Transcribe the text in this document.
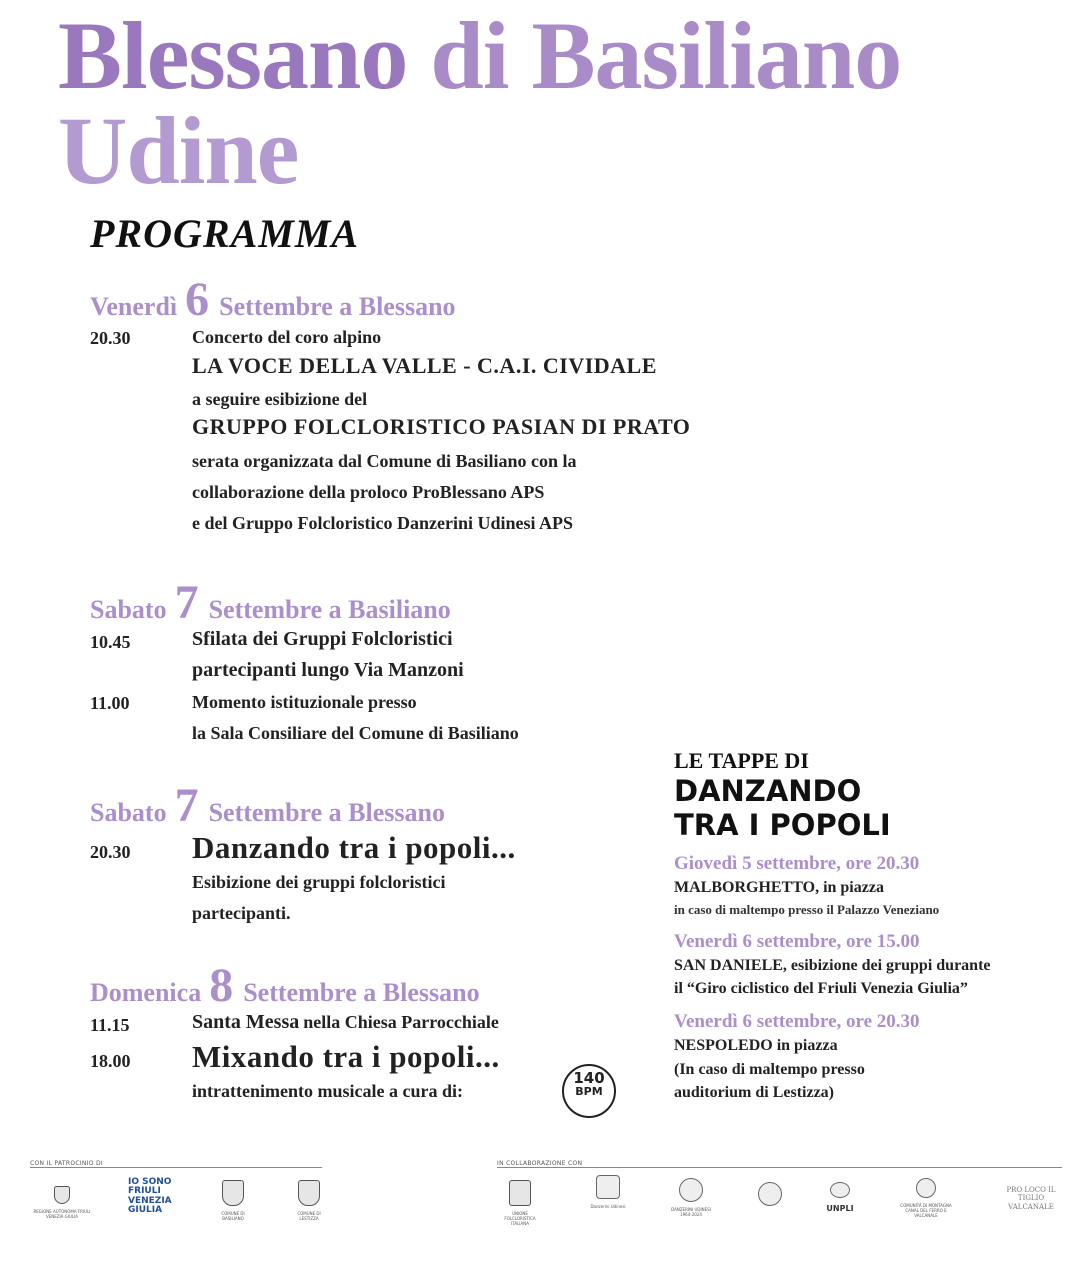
Blessano di Basiliano
Udine
PROGRAMMA
Venerdì 6 Settembre a Blessano
20.30	Concerto del coro alpino
LA VOCE DELLA VALLE - C.A.I. CIVIDALE
a seguire esibizione del
GRUPPO FOLCLORISTICO PASIAN DI PRATO
serata organizzata dal Comune di Basiliano con la
collaborazione della proloco ProBlessano APS
e del Gruppo Folcloristico Danzerini Udinesi APS
Sabato 7 Settembre a Basiliano
10.45	Sfilata dei Gruppi Folcloristici
partecipanti lungo Via Manzoni
11.00	Momento istituzionale presso
la Sala Consiliare del Comune di Basiliano
Sabato 7 Settembre a Blessano
20.30 Danzando tra i popoli...
Esibizione dei gruppi folcloristici
partecipanti.
Domenica 8 Settembre a Blessano
11.15	Santa Messa nella Chiesa Parrocchiale
18.00 Mixando tra i popoli...
intrattenimento musicale a cura di:
140
BPM
LE TAPPE DI
DANZANDO
TRA I POPOLI
Giovedì 5 settembre, ore 20.30
MALBORGHETTO, in piazza
in caso di maltempo presso il Palazzo Veneziano
Venerdì 6 settembre, ore 15.00
SAN DANIELE, esibizione dei gruppi durante
il “Giro ciclistico del Friuli Venezia Giulia”
Venerdì 6 settembre, ore 20.30
NESPOLEDO in piazza
(In caso di maltempo presso
auditorium di Lestizza)
CON IL PATROCINIO DI	IN COLLABORAZIONE CON
REGIONE AUTONOMA FRIULI VENEZIA GIULIA
IO SONO FRIULI VENEZIA GIULIA	COMUNE DI BASILIANO
COMUNE DI LESTIZZA
UNIONE FOLCLORISTICA ITALIANA
Danzerini Udinesi
DANZERINI UDINESI 1964-2024
UNPLI	COMUNITÀ DI MONTAGNA CANAL DEL FERRO E VALCANALE
PRO LOCO IL TIGLIO VALCANALE
